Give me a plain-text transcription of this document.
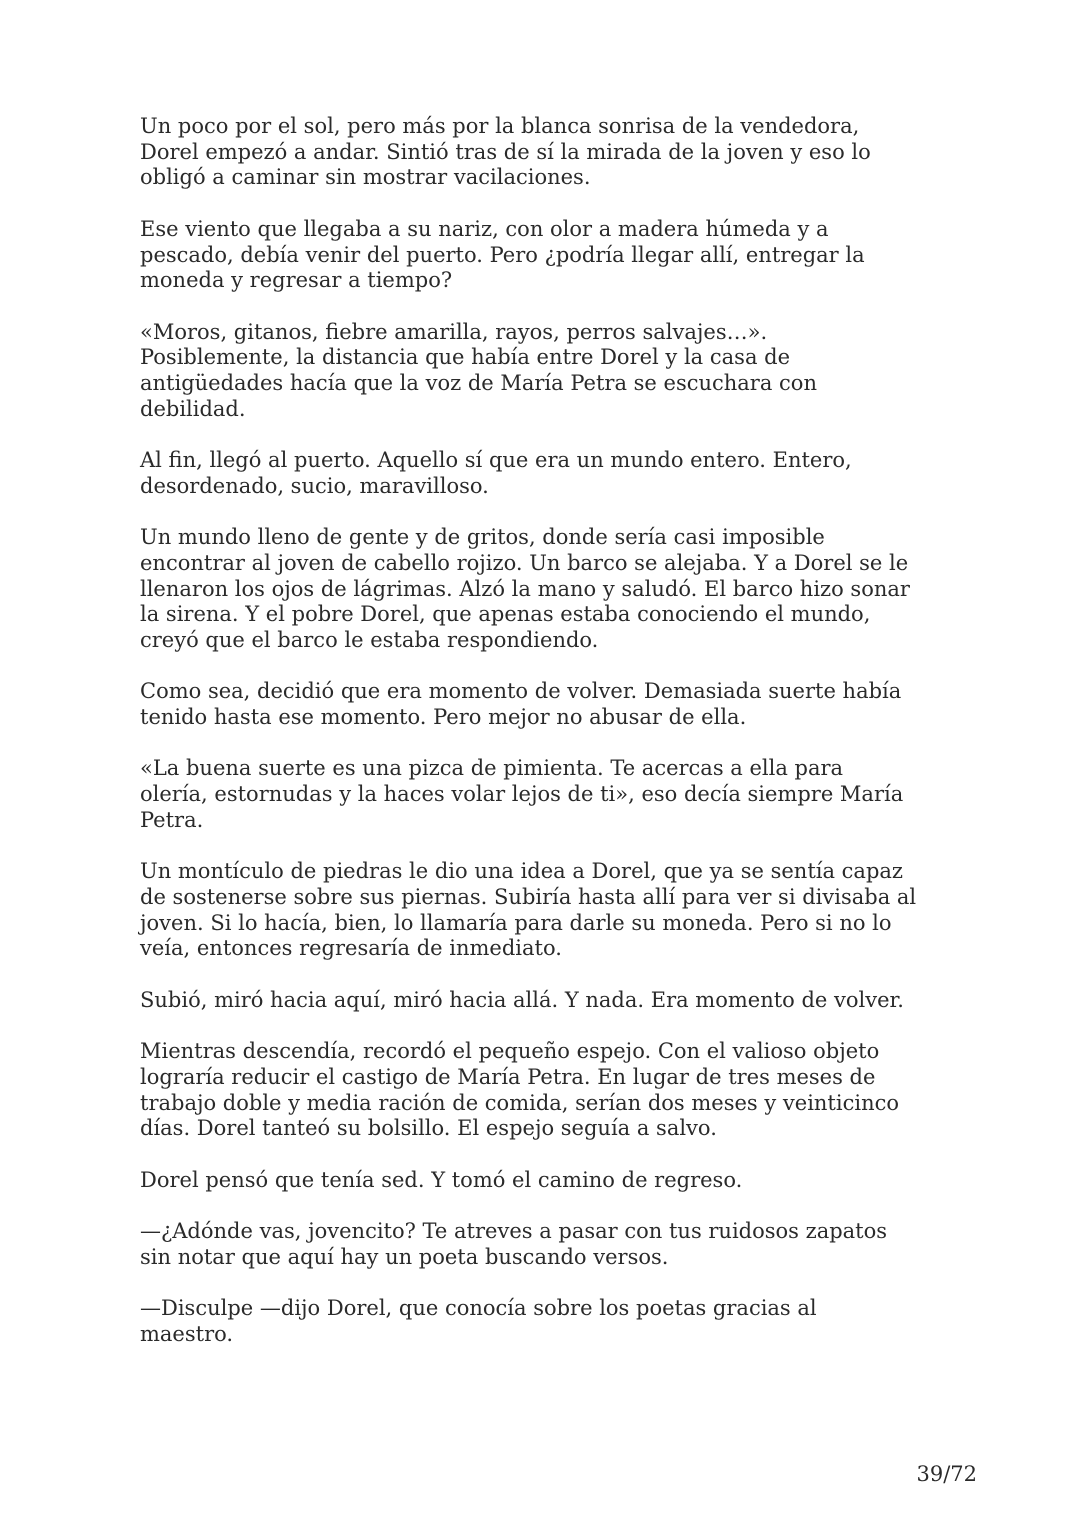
Un poco por el sol, pero más por la blanca sonrisa de la vendedora,
Dorel empezó a andar. Sintió tras de sí la mirada de la joven y eso lo
obligó a caminar sin mostrar vacilaciones.

Ese viento que llegaba a su nariz, con olor a madera húmeda y a
pescado, debía venir del puerto. Pero ¿podría llegar allí, entregar la
moneda y regresar a tiempo?

«Moros, gitanos, fiebre amarilla, rayos, perros salvajes…».
Posiblemente, la distancia que había entre Dorel y la casa de
antigüedades hacía que la voz de María Petra se escuchara con
debilidad.

Al fin, llegó al puerto. Aquello sí que era un mundo entero. Entero,
desordenado, sucio, maravilloso.

Un mundo lleno de gente y de gritos, donde sería casi imposible
encontrar al joven de cabello rojizo. Un barco se alejaba. Y a Dorel se le
llenaron los ojos de lágrimas. Alzó la mano y saludó. El barco hizo sonar
la sirena. Y el pobre Dorel, que apenas estaba conociendo el mundo,
creyó que el barco le estaba respondiendo.

Como sea, decidió que era momento de volver. Demasiada suerte había
tenido hasta ese momento. Pero mejor no abusar de ella.

«La buena suerte es una pizca de pimienta. Te acercas a ella para
olería, estornudas y la haces volar lejos de ti», eso decía siempre María
Petra.

Un montículo de piedras le dio una idea a Dorel, que ya se sentía capaz
de sostenerse sobre sus piernas. Subiría hasta allí para ver si divisaba al
joven. Si lo hacía, bien, lo llamaría para darle su moneda. Pero si no lo
veía, entonces regresaría de inmediato.

Subió, miró hacia aquí, miró hacia allá. Y nada. Era momento de volver.

Mientras descendía, recordó el pequeño espejo. Con el valioso objeto
lograría reducir el castigo de María Petra. En lugar de tres meses de
trabajo doble y media ración de comida, serían dos meses y veinticinco
días. Dorel tanteó su bolsillo. El espejo seguía a salvo.

Dorel pensó que tenía sed. Y tomó el camino de regreso.

—¿Adónde vas, jovencito? Te atreves a pasar con tus ruidosos zapatos
sin notar que aquí hay un poeta buscando versos.

—Disculpe —dijo Dorel, que conocía sobre los poetas gracias al
maestro.

39/72
